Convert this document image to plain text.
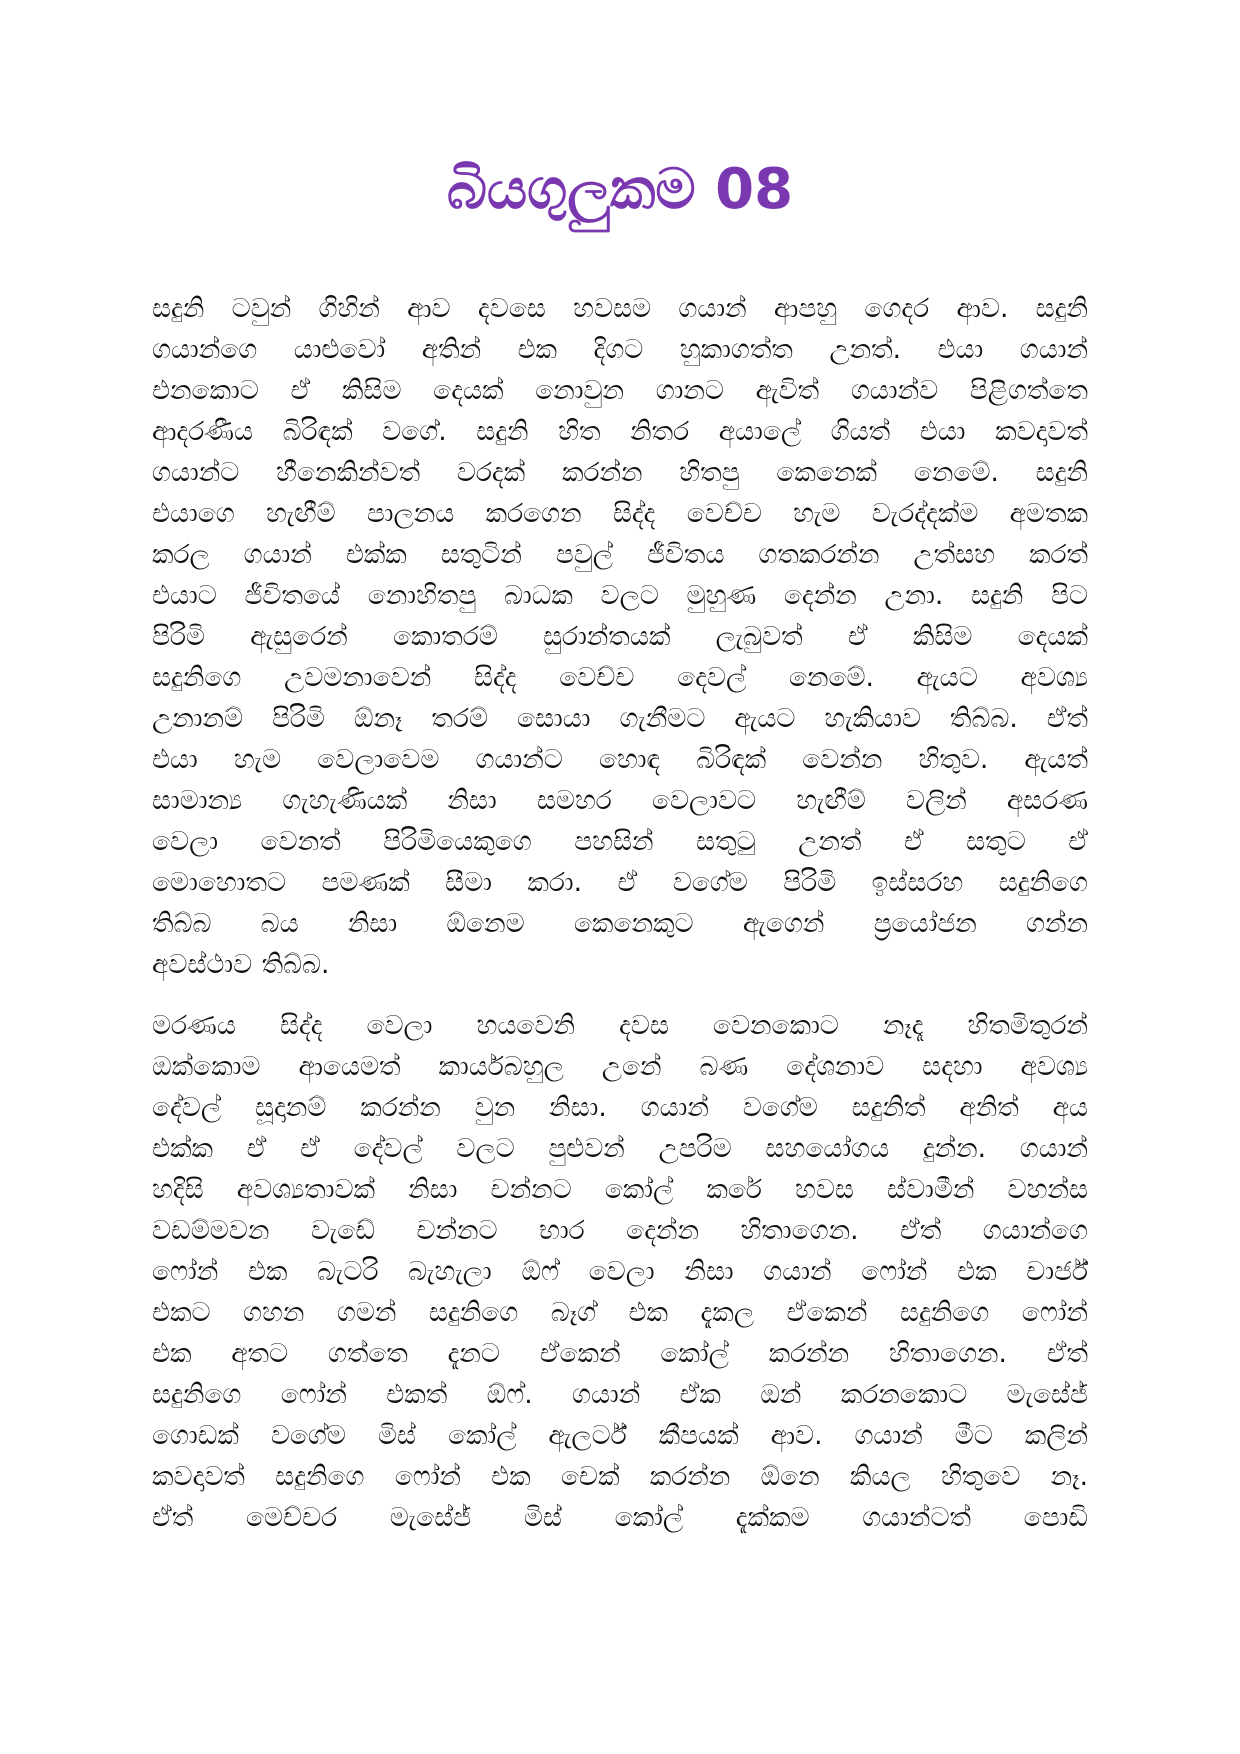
බියගුලුකම 08
සදුනි ටවුන් ගිහින් ආව දවසෙ හවසම ගයාන් ආපහු ගෙදර ආව. සදුනි
ගයාන්ගෙ යාළුවෝ අතින් එක දිගට හුකාගත්ත උනත්. එයා ගයාන්
එනකොට ඒ කිසිම දෙයක් නොවුන ගානට ඇවිත් ගයාන්ව පිළිගත්තෙ
ආදරණීය බිරිඳක් වගේ. සදුනි හිත නිතර අයාලේ ගියත් එයා කවදාවත්
ගයාන්ට හීනෙකින්වත් වරදක් කරන්න හිතපු කෙනෙක් නෙමේ. සදුනි
එයාගෙ හැඟීම් පාලනය කරගෙන සිද්ද වෙච්ච හැම වැරද්දක්ම අමතක
කරල ගයාන් එක්ක සතුටින් පවුල් ජීවිතය ගතකරන්න උත්සහ කරත්
එයාට ජීවිතයේ නොහිතපු බාධක වලට මුහුණ දෙන්න උනා. සදුනි පිට
පිරිමි ඇසුරෙන් කොතරම් සුරාන්තයක් ලැබුවත් ඒ කිසිම දෙයක්
සදුනිගෙ උවමනාවෙන් සිද්ද වෙච්ච දෙවල් නෙමේ. ඇයට අවශ්‍ය
උනානම් පිරිමි ඕනෑ තරම් සොයා ගැනීමට ඇයට හැකියාව තිබ්බ. ඒත්
එයා හැම වෙලාවෙම ගයාන්ට හොඳ බිරිඳක් වෙන්න හිතුව. ඇයත්
සාමාන්‍ය ගැහැණියක් නිසා සමහර වෙලාවට හැඟීම් වලින් අසරණ
වෙලා වෙනත් පිරිමියෙකුගෙ පහසින් සතුටු උනත් ඒ සතුට ඒ
මොහොතට පමණක් සීමා කරා. ඒ වගේම පිරිමි ඉස්සරහ සදුනිගෙ
තිබ්බ බය නිසා ඕනෙම කෙනෙකුට ඇගෙන් ප්‍රයෝජන ගන්න
අවස්ථාව තිබ්බ.
මරණය සිද්ද වෙලා හයවෙනි දවස වෙනකොට නෑදෑ හිතමිතුරන්
ඔක්කොම ආයෙමත් කාර්යබහුල උනේ බණ දේශනාව සදහා අවශ්‍ය
දේවල් සූදානම් කරන්න වුන නිසා. ගයාන් වගේම සදුනිත් අනිත් අය
එක්ක ඒ ඒ දේවල් වලට පුළුවන් උපරිම සහයෝගය දුන්න. ගයාන්
හදිසි අවශ්‍යතාවක් නිසා චන්නට කෝල් කරේ හවස ස්වාමීන් වහන්ස
වඩම්මවන වැඩේ චන්නට භාර දෙන්න හිතාගෙන. ඒත් ගයාන්ගෙ
ෆෝන් එක බැටරි බැහැලා ඕෆ් වෙලා නිසා ගයාන් ෆෝන් එක චාර්ජ්
එකට ගහන ගමන් සදුනිගෙ බෑග් එක දැකල ඒකෙන් සදුනිගෙ ෆෝන්
එක අතට ගත්තෙ දැනට ඒකෙන් කෝල් කරන්න හිතාගෙන. ඒත්
සදුනිගෙ ෆෝන් එකත් ඕෆ්. ගයාන් ඒක ඔන් කරනකොට මැසේජ්
ගොඩක් වගේම මිස් කෝල් ඇලර්ට් කීපයක් ආව. ගයාන් මීට කලින්
කවදාවත් සදුනිගෙ ෆෝන් එක චෙක් කරන්න ඕනෙ කියල හිතුවෙ නෑ.
ඒත් මෙච්චර මැසේජ් මිස් කෝල් දැක්කම ගයාන්ටත් පොඩි
